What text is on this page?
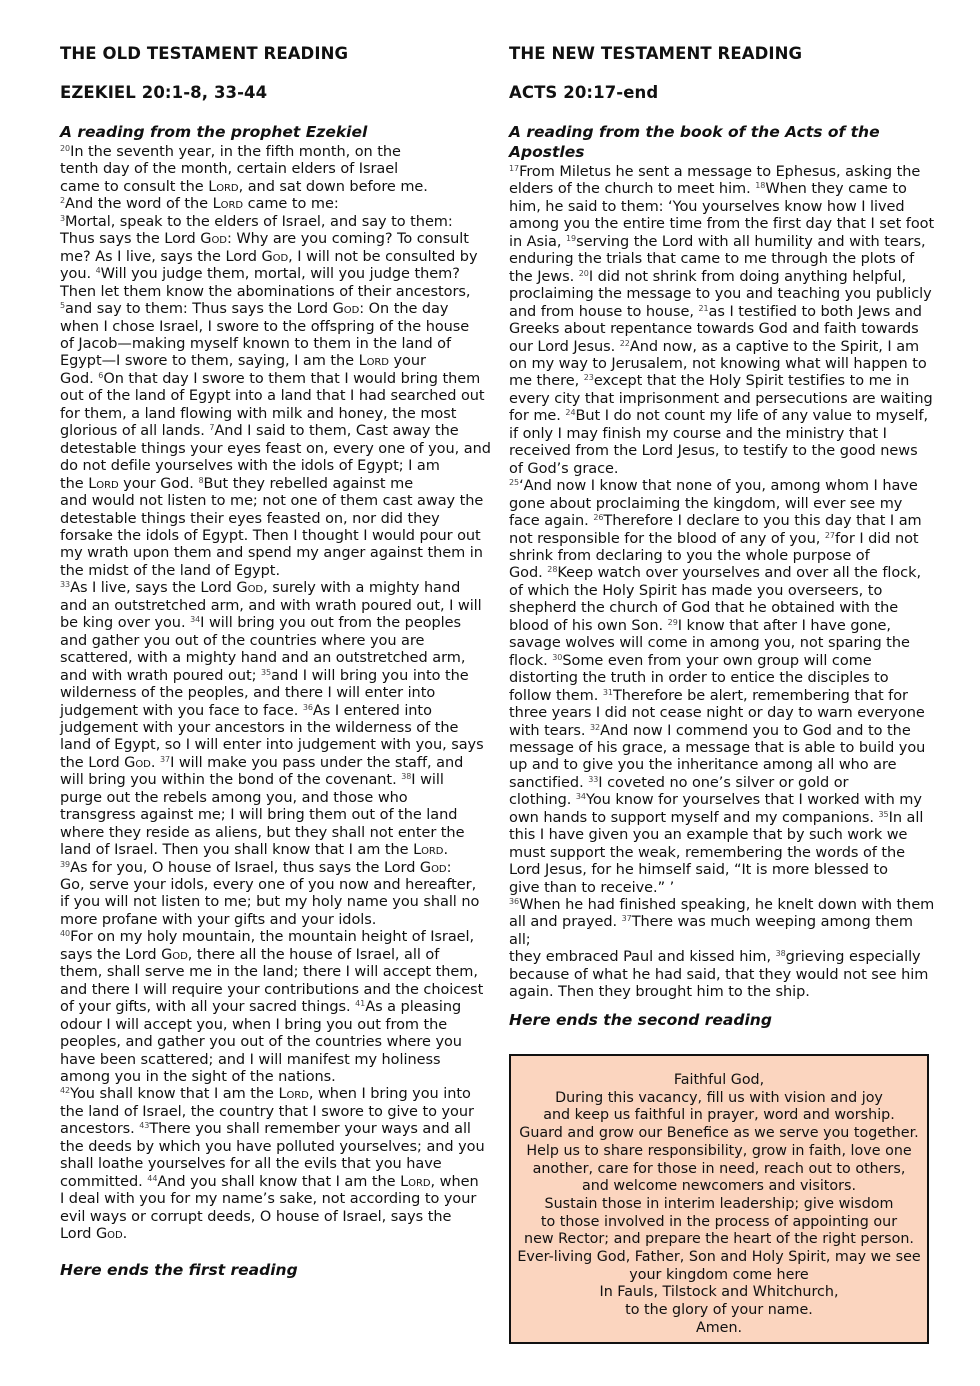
THE OLD TESTAMENT READING
EZEKIEL 20:1-8, 33-44
A reading from the prophet Ezekiel

$^{20}$In the seventh year, in the fifth month, on the
tenth day of the month, certain elders of Israel
came to consult the Lord, and sat down before me.

$^2$And the word of the Lord came to me:

$^3$Mortal, speak to the elders of Israel, and say to them:
Thus says the Lord God: Why are you coming? To consult
me? As I live, says the Lord God, I will not be consulted by
you. $^4$Will you judge them, mortal, will you judge them?
Then let them know the abominations of their ancestors,
$^5$and say to them: Thus says the Lord God: On the day
when I chose Israel, I swore to the offspring of the house
of Jacob—making myself known to them in the land of
Egypt—I swore to them, saying, I am the Lord your
God. $^6$On that day I swore to them that I would bring them
out of the land of Egypt into a land that I had searched out
for them, a land flowing with milk and honey, the most
glorious of all lands. $^7$And I said to them, Cast away the
detestable things your eyes feast on, every one of you, and
do not defile yourselves with the idols of Egypt; I am
the Lord your God. $^8$But they rebelled against me
and would not listen to me; not one of them cast away the
detestable things their eyes feasted on, nor did they
forsake the idols of Egypt. Then I thought I would pour out
my wrath upon them and spend my anger against them in
the midst of the land of Egypt.

$^{33}$As I live, says the Lord God, surely with a mighty hand
and an outstretched arm, and with wrath poured out, I will
be king over you. $^{34}$I will bring you out from the peoples
and gather you out of the countries where you are
scattered, with a mighty hand and an outstretched arm,
and with wrath poured out; $^{35}$and I will bring you into the
wilderness of the peoples, and there I will enter into
judgement with you face to face. $^{36}$As I entered into
judgement with your ancestors in the wilderness of the
land of Egypt, so I will enter into judgement with you, says
the Lord God. $^{37}$I will make you pass under the staff, and
will bring you within the bond of the covenant. $^{38}$I will
purge out the rebels among you, and those who
transgress against me; I will bring them out of the land
where they reside as aliens, but they shall not enter the
land of Israel. Then you shall know that I am the Lord.

$^{39}$As for you, O house of Israel, thus says the Lord God:
Go, serve your idols, every one of you now and hereafter,
if you will not listen to me; but my holy name you shall no
more profane with your gifts and your idols.

$^{40}$For on my holy mountain, the mountain height of Israel,
says the Lord God, there all the house of Israel, all of
them, shall serve me in the land; there I will accept them,
and there I will require your contributions and the choicest
of your gifts, with all your sacred things. $^{41}$As a pleasing
odour I will accept you, when I bring you out from the
peoples, and gather you out of the countries where you
have been scattered; and I will manifest my holiness
among you in the sight of the nations.

$^{42}$You shall know that I am the Lord, when I bring you into
the land of Israel, the country that I swore to give to your
ancestors. $^{43}$There you shall remember your ways and all
the deeds by which you have polluted yourselves; and you
shall loathe yourselves for all the evils that you have
committed. $^{44}$And you shall know that I am the Lord, when
I deal with you for my name’s sake, not according to your
evil ways or corrupt deeds, O house of Israel, says the
Lord God.

Here ends the first reading
THE NEW TESTAMENT READING
ACTS 20:17-end
A reading from the book of the Acts of the Apostles

$^{17}$From Miletus he sent a message to Ephesus, asking the
elders of the church to meet him. $^{18}$When they came to
him, he said to them: ‘You yourselves know how I lived
among you the entire time from the first day that I set foot
in Asia, $^{19}$serving the Lord with all humility and with tears,
enduring the trials that came to me through the plots of
the Jews. $^{20}$I did not shrink from doing anything helpful,
proclaiming the message to you and teaching you publicly
and from house to house, $^{21}$as I testified to both Jews and
Greeks about repentance towards God and faith towards
our Lord Jesus. $^{22}$And now, as a captive to the Spirit, I am
on my way to Jerusalem, not knowing what will happen to
me there, $^{23}$except that the Holy Spirit testifies to me in
every city that imprisonment and persecutions are waiting
for me. $^{24}$But I do not count my life of any value to myself,
if only I may finish my course and the ministry that I
received from the Lord Jesus, to testify to the good news
of God’s grace.

$^{25}$‘And now I know that none of you, among whom I have
gone about proclaiming the kingdom, will ever see my
face again. $^{26}$Therefore I declare to you this day that I am
not responsible for the blood of any of you, $^{27}$for I did not
shrink from declaring to you the whole purpose of
God. $^{28}$Keep watch over yourselves and over all the flock,
of which the Holy Spirit has made you overseers, to
shepherd the church of God that he obtained with the
blood of his own Son. $^{29}$I know that after I have gone,
savage wolves will come in among you, not sparing the
flock. $^{30}$Some even from your own group will come
distorting the truth in order to entice the disciples to
follow them. $^{31}$Therefore be alert, remembering that for
three years I did not cease night or day to warn everyone
with tears. $^{32}$And now I commend you to God and to the
message of his grace, a message that is able to build you
up and to give you the inheritance among all who are
sanctified. $^{33}$I coveted no one’s silver or gold or
clothing. $^{34}$You know for yourselves that I worked with my
own hands to support myself and my companions. $^{35}$In all
this I have given you an example that by such work we
must support the weak, remembering the words of the
Lord Jesus, for he himself said, “It is more blessed to
give than to receive.” ’

$^{36}$When he had finished speaking, he knelt down with them
all and prayed. $^{37}$There was much weeping among them all;
they embraced Paul and kissed him, $^{38}$grieving especially
because of what he had said, that they would not see him
again. Then they brought him to the ship.

Here ends the second reading
Faithful God,
During this vacancy, fill us with vision and joy
and keep us faithful in prayer, word and worship.
Guard and grow our Benefice as we serve you together.
Help us to share responsibility, grow in faith, love one
another, care for those in need, reach out to others,
and welcome newcomers and visitors.
Sustain those in interim leadership; give wisdom
to those involved in the process of appointing our
new Rector; and prepare the heart of the right person.
Ever-living God, Father, Son and Holy Spirit, may we see
your kingdom come here
In Fauls, Tilstock and Whitchurch,
to the glory of your name.
Amen.
